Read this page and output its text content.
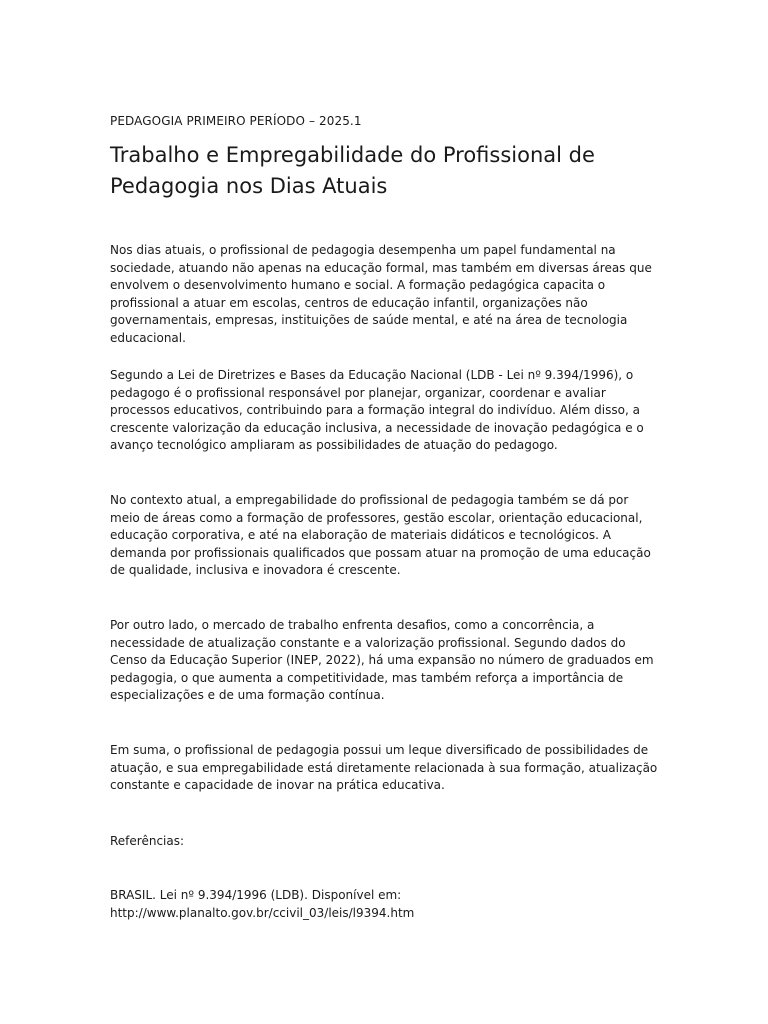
PEDAGOGIA PRIMEIRO PERÍODO – 2025.1
Trabalho e Empregabilidade do Profissional de
Pedagogia nos Dias Atuais

Nos dias atuais, o profissional de pedagogia desempenha um papel fundamental na sociedade, atuando não apenas na educação formal, mas também em diversas áreas que envolvem o desenvolvimento humano e social. A formação pedagógica capacita o profissional a atuar em escolas, centros de educação infantil, organizações não governamentais, empresas, instituições de saúde mental, e até na área de tecnologia educacional.

Segundo a Lei de Diretrizes e Bases da Educação Nacional (LDB - Lei nº 9.394/1996), o pedagogo é o profissional responsável por planejar, organizar, coordenar e avaliar processos educativos, contribuindo para a formação integral do indivíduo. Além disso, a crescente valorização da educação inclusiva, a necessidade de inovação pedagógica e o avanço tecnológico ampliaram as possibilidades de atuação do pedagogo.

No contexto atual, a empregabilidade do profissional de pedagogia também se dá por meio de áreas como a formação de professores, gestão escolar, orientação educacional, educação corporativa, e até na elaboração de materiais didáticos e tecnológicos. A demanda por profissionais qualificados que possam atuar na promoção de uma educação de qualidade, inclusiva e inovadora é crescente.

Por outro lado, o mercado de trabalho enfrenta desafios, como a concorrência, a necessidade de atualização constante e a valorização profissional. Segundo dados do Censo da Educação Superior (INEP, 2022), há uma expansão no número de graduados em pedagogia, o que aumenta a competitividade, mas também reforça a importância de especializações e de uma formação contínua.

Em suma, o profissional de pedagogia possui um leque diversificado de possibilidades de atuação, e sua empregabilidade está diretamente relacionada à sua formação, atualização constante e capacidade de inovar na prática educativa.

Referências:

BRASIL. Lei nº 9.394/1996 (LDB). Disponível em:
http://www.planalto.gov.br/ccivil_03/leis/l9394.htm
